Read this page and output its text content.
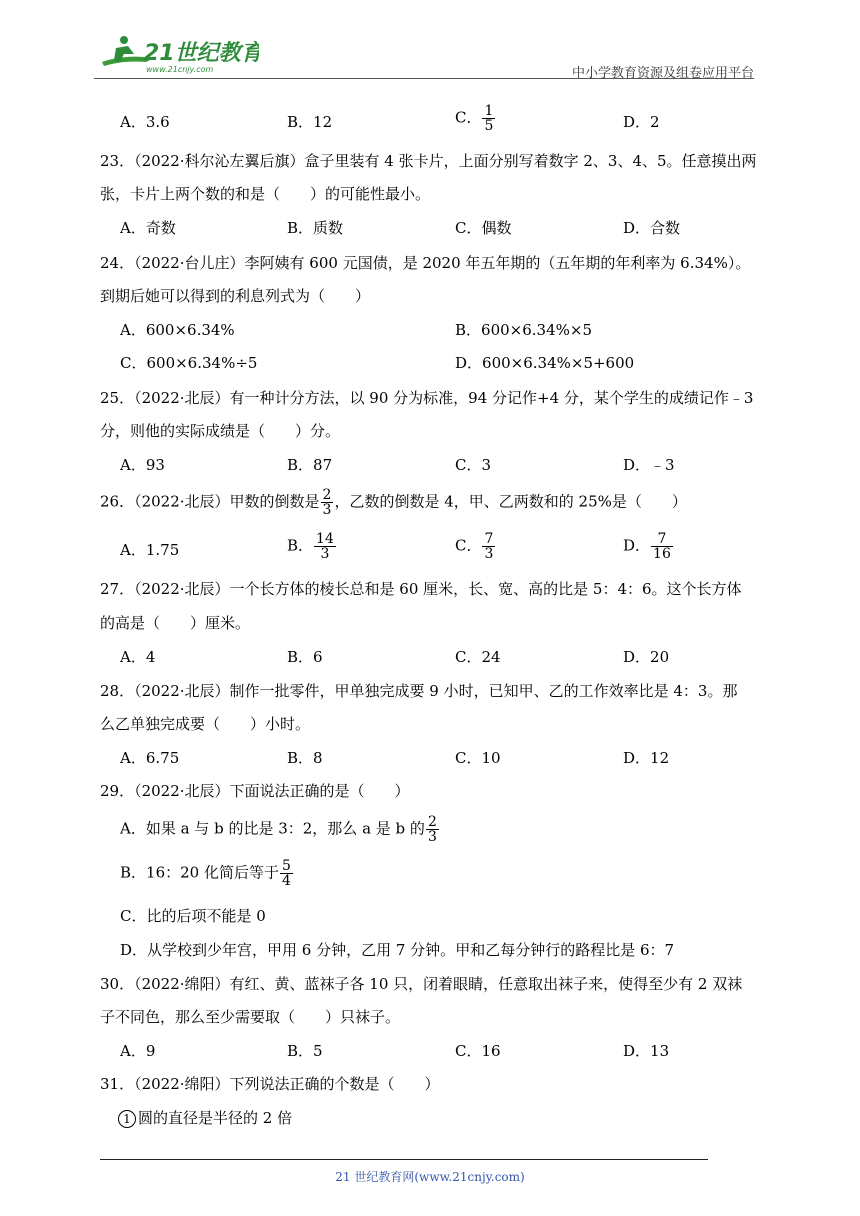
21世纪教育
www.21cnjy.com	中小学教育资源及组卷应用平台
A．3.6	B．12	C． $\frac{1}{5}$	D．2
23．（2022·科尔沁左翼后旗）盒子里装有 4 张卡片，上面分别写着数字 2、3、4、5。任意摸出两
张，卡片上两个数的和是（　　）的可能性最小。
A．奇数	B．质数	C．偶数	D．合数
24．（2022·台儿庄）李阿姨有 600 元国债，是 2020 年五年期的（五年期的年利率为 6.34%）。
到期后她可以得到的利息列式为（　　）
A．600×6.34%	B．600×6.34%×5
C．600×6.34%÷5	D．600×6.34%×5+600
25．（2022·北辰）有一种计分方法，以 90 分为标准，94 分记作+4 分，某个学生的成绩记作﹣3
分，则他的实际成绩是（　　）分。
A．93	B．87	C．3	D．﹣3
26．（2022·北辰）甲数的倒数是 $\frac{2}{3}$ ，乙数的倒数是 4，甲、乙两数和的 25%是（　　）
A．1.75	B． $\frac{14}{3}$	C． $\frac{7}{3}$	D． $\frac{7}{16}$
27．（2022·北辰）一个长方体的棱长总和是 60 厘米，长、宽、高的比是 5：4：6。这个长方体
的高是（　　）厘米。
A．4	B．6	C．24	D．20
28．（2022·北辰）制作一批零件，甲单独完成要 9 小时，已知甲、乙的工作效率比是 4：3。那
么乙单独完成要（　　）小时。
A．6.75	B．8	C．10	D．12
29．（2022·北辰）下面说法正确的是（　　）
A．如果 a 与 b 的比是 3：2，那么 a 是 b 的 $\frac{2}{3}$
B．16：20 化简后等于 $\frac{5}{4}$
C．比的后项不能是 0
D．从学校到少年宫，甲用 6 分钟，乙用 7 分钟。甲和乙每分钟行的路程比是 6：7
30．（2022·绵阳）有红、黄、蓝袜子各 10 只，闭着眼睛，任意取出袜子来，使得至少有 2 双袜
子不同色，那么至少需要取（　　）只袜子。
A．9	B．5	C．16	D．13
31．（2022·绵阳）下列说法正确的个数是（　　）
1 圆的直径是半径的 2 倍
21 世纪教育网(www.21cnjy.com)
